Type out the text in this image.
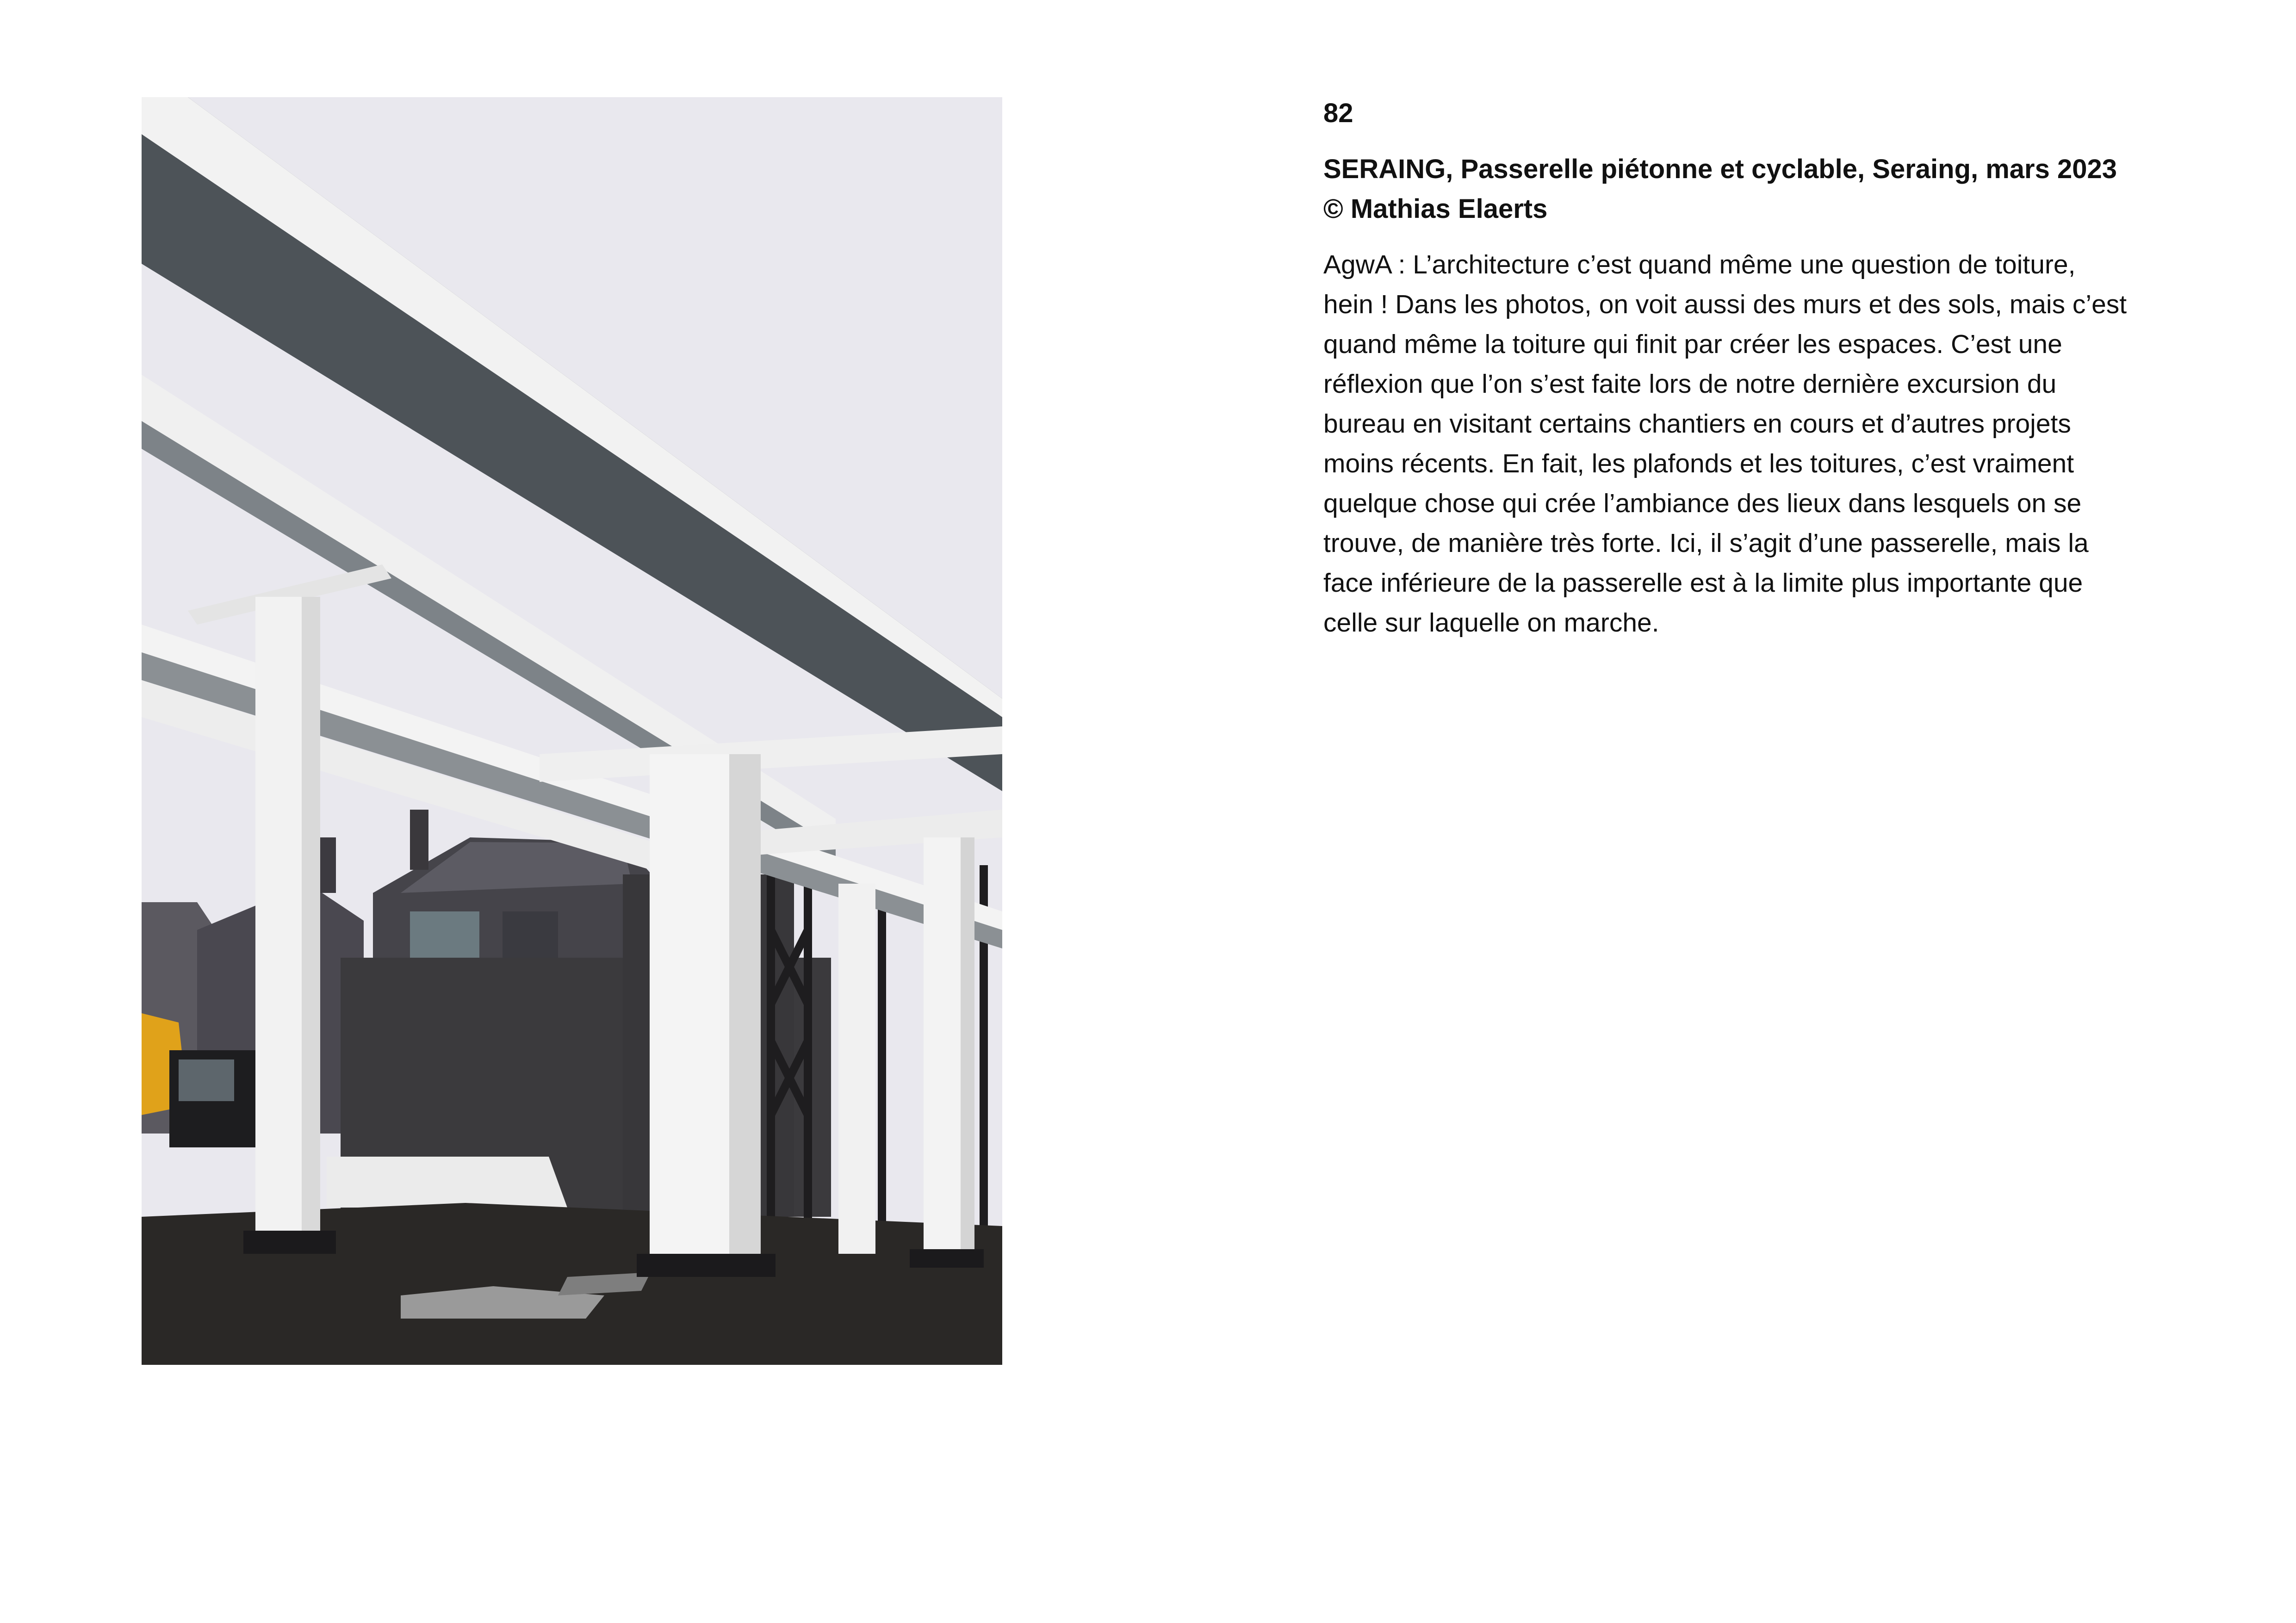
82

SERAING, Passerelle piétonne et cyclable, Seraing, mars 2023
© Mathias Elaerts

AgwA : L’architecture c’est quand même une question de toiture,
hein ! Dans les photos, on voit aussi des murs et des sols, mais c’est
quand même la toiture qui finit par créer les espaces. C’est une
réflexion que l’on s’est faite lors de notre dernière excursion du
bureau en visitant certains chantiers en cours et d’autres projets
moins récents. En fait, les plafonds et les toitures, c’est vraiment
quelque chose qui crée l’ambiance des lieux dans lesquels on se
trouve, de manière très forte. Ici, il s’agit d’une passerelle, mais la
face inférieure de la passerelle est à la limite plus importante que
celle sur laquelle on marche.
